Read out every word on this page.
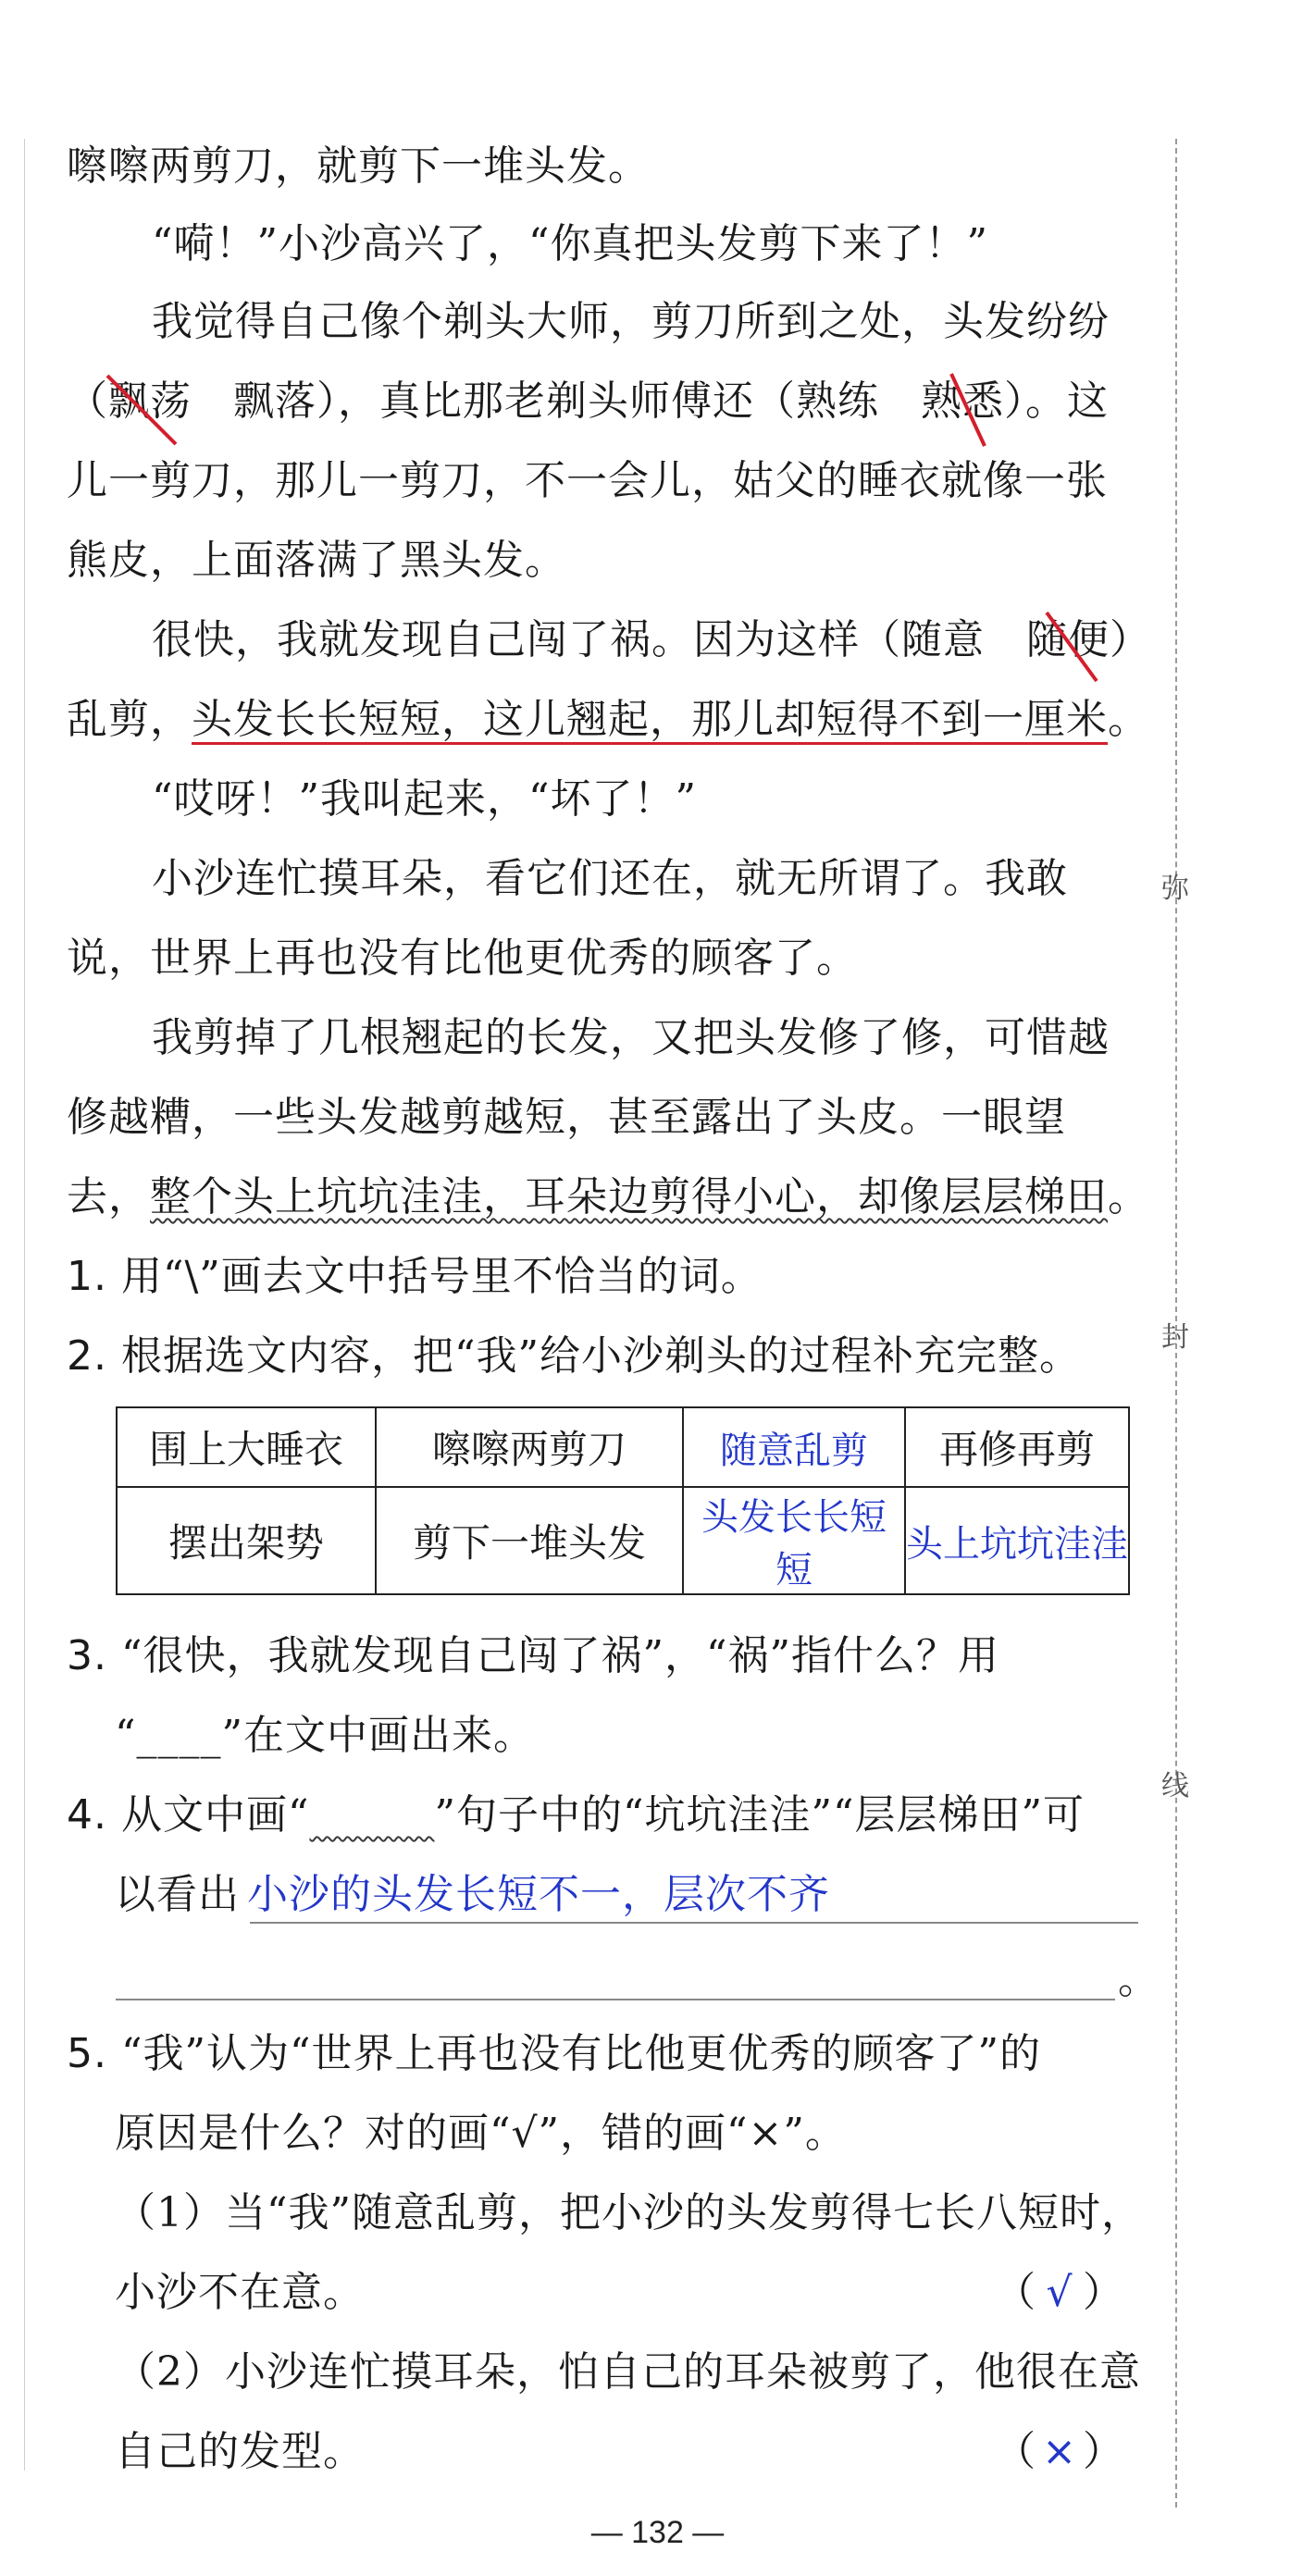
弥
封
线
嚓嚓两剪刀，就剪下一堆头发。
“嗬！”小沙高兴了，“你真把头发剪下来了！”
我觉得自己像个剃头大师，剪刀所到之处，头发纷纷
（飘荡　飘落），真比那老剃头师傅还（熟练　熟悉）。这
儿一剪刀，那儿一剪刀，不一会儿，姑父的睡衣就像一张
熊皮，上面落满了黑头发。
很快，我就发现自己闯了祸。因为这样（随意　随便）
乱剪，头发长长短短，这儿翘起，那儿却短得不到一厘米。
“哎呀！”我叫起来，“坏了！”
小沙连忙摸耳朵，看它们还在，就无所谓了。我敢
说，世界上再也没有比他更优秀的顾客了。
我剪掉了几根翘起的长发，又把头发修了修，可惜越
修越糟，一些头发越剪越短，甚至露出了头皮。一眼望
去，整个头上坑坑洼洼，耳朵边剪得小心，却像层层梯田。
1. 用“\”画去文中括号里不恰当的词。
2. 根据选文内容，把“我”给小沙剃头的过程补充完整。
围上大睡衣	嚓嚓两剪刀	随意乱剪	再修再剪
摆出架势	剪下一堆头发	头发长长短短	头上坑坑洼洼
3. “很快，我就发现自己闯了祸”，“祸”指什么？用
“____”在文中画出来。
4. 从文中画“　　　	”句子中的“坑坑洼洼”“层层梯田”可
以看出 小沙的头发长短不一，层次不齐
。
5. “我”认为“世界上再也没有比他更优秀的顾客了”的
原因是什么？对的画“√”，错的画“×”。
（1）当“我”随意乱剪，把小沙的头发剪得七长八短时，
小沙不在意。	（ √ ）
（2）小沙连忙摸耳朵，怕自己的耳朵被剪了，他很在意
自己的发型。	（ × ）
— 132 —
